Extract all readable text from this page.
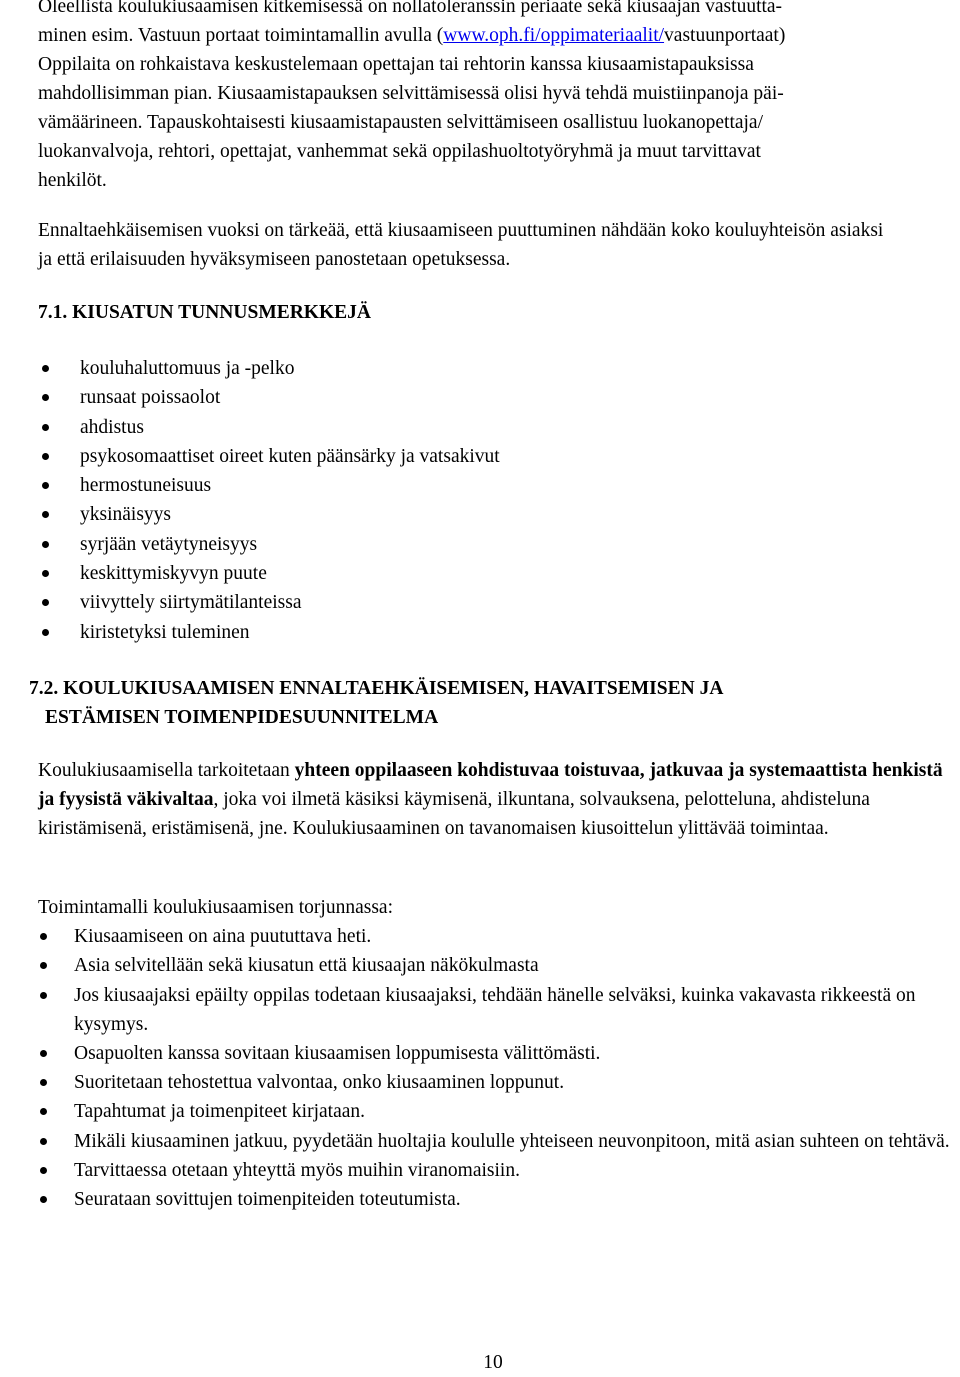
Oleellista koulukiusaamisen kitkemisessä on nollatoleranssin periaate sekä kiusaajan vastuutta-

minen esim. Vastuun portaat toimintamallin avulla (www.oph.fi/oppimateriaalit/vastuunportaat)

Oppilaita on rohkaistava keskustelemaan opettajan tai rehtorin kanssa kiusaamistapauksissa

mahdollisimman pian. Kiusaamistapauksen selvittämisessä olisi hyvä tehdä muistiinpanoja päi-

vämäärineen. Tapauskohtaisesti kiusaamistapausten selvittämiseen osallistuu luokanopettaja/

luokanvalvoja, rehtori, opettajat, vanhemmat sekä oppilashuoltotyöryhmä ja muut tarvittavat

henkilöt.

Ennaltaehkäisemisen vuoksi on tärkeää, että kiusaamiseen puuttuminen nähdään koko kouluyhteisön asiaksi ja että erilaisuuden hyväksymiseen panostetaan opetuksessa.

7.1. KIUSATUN TUNNUSMERKKEJÄ

kouluhaluttomuus ja -pelko
runsaat poissaolot
ahdistus
psykosomaattiset oireet kuten päänsärky ja vatsakivut
hermostuneisuus
yksinäisyys
syrjään vetäytyneisyys
keskittymiskyvyn puute
viivyttely siirtymätilanteissa
kiristetyksi tuleminen

7.2. KOULUKIUSAAMISEN ENNALTAEHKÄISEMISEN, HAVAITSEMISEN JA
ESTÄMISEN TOIMENPIDESUUNNITELMA

Koulukiusaamisella tarkoitetaan yhteen oppilaaseen kohdistuvaa toistuvaa, jatkuvaa ja systemaattista henkistä ja fyysistä väkivaltaa, joka voi ilmetä käsiksi käymisenä, ilkuntana, solvauksena, pelotteluna, ahdisteluna kiristämisenä, eristämisenä, jne. Koulukiusaaminen on tavanomaisen kiusoittelun ylittävää toimintaa.

Toimintamalli koulukiusaamisen torjunnassa:

Kiusaamiseen on aina puututtava heti.
Asia selvitellään sekä kiusatun että kiusaajan näkökulmasta
Jos kiusaajaksi epäilty oppilas todetaan kiusaajaksi, tehdään hänelle selväksi, kuinka vakavasta rikkeestä on kysymys.
Osapuolten kanssa sovitaan kiusaamisen loppumisesta välittömästi.
Suoritetaan tehostettua valvontaa, onko kiusaaminen loppunut.
Tapahtumat ja toimenpiteet kirjataan.
Mikäli kiusaaminen jatkuu, pyydetään huoltajia koululle yhteiseen neuvonpitoon, mitä asian suhteen on tehtävä.
Tarvittaessa otetaan yhteyttä myös muihin viranomaisiin.
Seurataan sovittujen toimenpiteiden toteutumista.

10
